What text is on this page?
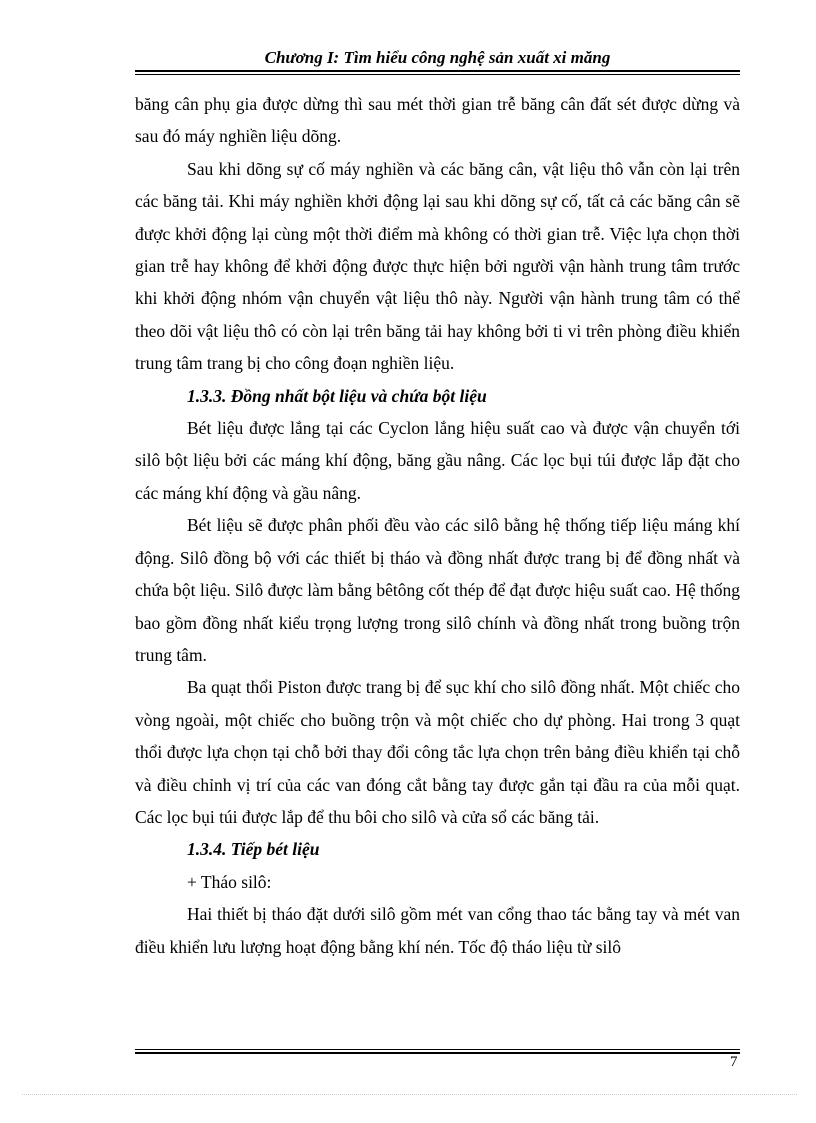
Chương I: Tìm hiểu công nghệ sản xuất xi măng

băng cân phụ gia được dừng thì sau mét thời gian trễ băng cân đất sét được dừng và sau đó máy nghiền liệu dõng.

Sau khi dõng sự cố máy nghiền và các băng cân, vật liệu thô vẫn còn lại trên các băng tải. Khi máy nghiền khởi động lại sau khi dõng sự cố, tất cả các băng cân sẽ được khởi động lại cùng một thời điểm mà không có thời gian trễ. Việc lựa chọn thời gian trễ hay không để khởi động được thực hiện bởi người vận hành trung tâm trước khi khởi động nhóm vận chuyển vật liệu thô này. Người vận hành trung tâm có thể theo dõi vật liệu thô có còn lại trên băng tải hay không bởi ti vi trên phòng điều khiển trung tâm trang bị cho công đoạn nghiền liệu.

1.3.3. Đồng nhất bột liệu và chứa bột liệu

Bét liệu được lắng tại các Cyclon lắng hiệu suất cao và được vận chuyển tới silô bột liệu bởi các máng khí động, băng gầu nâng. Các lọc bụi túi được lắp đặt cho các máng khí động và gầu nâng.

Bét liệu sẽ được phân phối đều vào các silô bằng hệ thống tiếp liệu máng khí động. Silô đồng bộ với các thiết bị tháo và đồng nhất được trang bị để đồng nhất và chứa bột liệu. Silô được làm bằng bêtông cốt thép để đạt được hiệu suất cao. Hệ thống bao gồm đồng nhất kiểu trọng lượng trong silô chính và đồng nhất trong buồng trộn trung tâm.

Ba quạt thổi Piston được trang bị để sục khí cho silô đồng nhất. Một chiếc cho vòng ngoài, một chiếc cho buồng trộn và một chiếc cho dự phòng. Hai trong 3 quạt thổi được lựa chọn tại chỗ bởi thay đổi công tắc lựa chọn trên bảng điều khiển tại chỗ và điều chỉnh vị trí của các van đóng cắt bằng tay được gắn tại đầu ra của mỗi quạt. Các lọc bụi túi được lắp để thu bôi cho silô và cửa sổ các băng tải.

1.3.4. Tiếp bét liệu

+ Tháo silô:

Hai thiết bị tháo đặt dưới silô gồm mét van cổng thao tác bằng tay và mét van điều khiển lưu lượng hoạt động bằng khí nén. Tốc độ tháo liệu từ silô

7
